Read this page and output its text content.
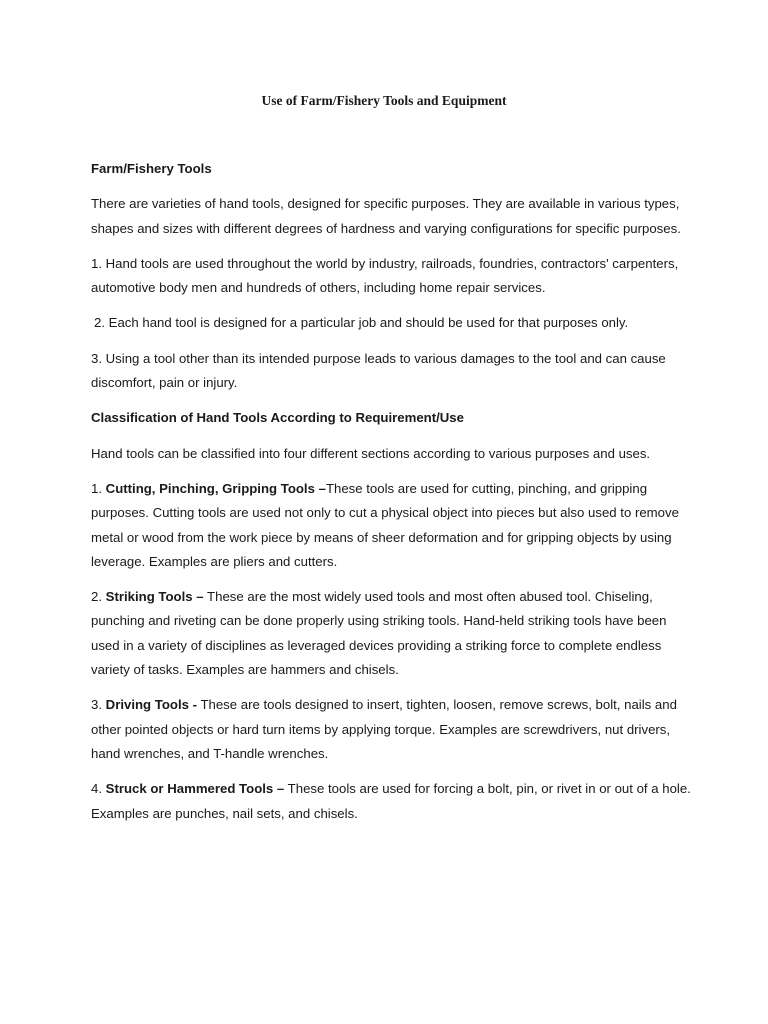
Use of Farm/Fishery Tools and Equipment
Farm/Fishery Tools

There are varieties of hand tools, designed for specific purposes. They are available in various types, shapes and sizes with different degrees of hardness and varying configurations for specific purposes.

1. Hand tools are used throughout the world by industry, railroads, foundries, contractors' carpenters, automotive body men and hundreds of others, including home repair services.

2. Each hand tool is designed for a particular job and should be used for that purposes only.

3. Using a tool other than its intended purpose leads to various damages to the tool and can cause discomfort, pain or injury.

Classification of Hand Tools According to Requirement/Use

Hand tools can be classified into four different sections according to various purposes and uses.

1. Cutting, Pinching, Gripping Tools –These tools are used for cutting, pinching, and gripping purposes. Cutting tools are used not only to cut a physical object into pieces but also used to remove metal or wood from the work piece by means of sheer deformation and for gripping objects by using leverage. Examples are pliers and cutters.

2. Striking Tools – These are the most widely used tools and most often abused tool. Chiseling, punching and riveting can be done properly using striking tools. Hand-held striking tools have been used in a variety of disciplines as leveraged devices providing a striking force to complete endless variety of tasks. Examples are hammers and chisels.

3. Driving Tools - These are tools designed to insert, tighten, loosen, remove screws, bolt, nails and other pointed objects or hard turn items by applying torque. Examples are screwdrivers, nut drivers, hand wrenches, and T-handle wrenches.

4. Struck or Hammered Tools – These tools are used for forcing a bolt, pin, or rivet in or out of a hole. Examples are punches, nail sets, and chisels.
